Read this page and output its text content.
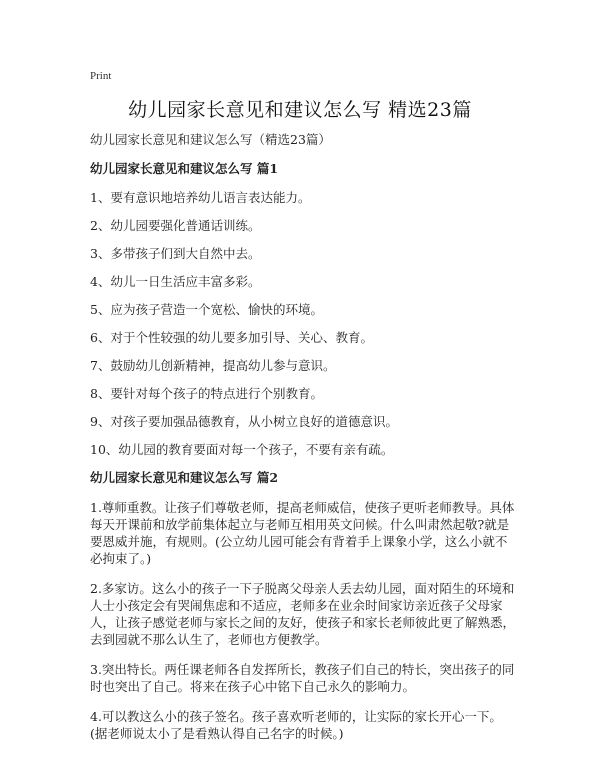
Print
幼儿园家长意见和建议怎么写 精选23篇
幼儿园家长意见和建议怎么写（精选23篇）
幼儿园家长意见和建议怎么写 篇1
1、要有意识地培养幼儿语言表达能力。
2、幼儿园要强化普通话训练。
3、多带孩子们到大自然中去。
4、幼儿一日生活应丰富多彩。
5、应为孩子营造一个宽松、愉快的环境。
6、对于个性较强的幼儿要多加引导、关心、教育。
7、鼓励幼儿创新精神，提高幼儿参与意识。
8、要针对每个孩子的特点进行个别教育。
9、对孩子要加强品德教育，从小树立良好的道德意识。
10、幼儿园的教育要面对每一个孩子，不要有亲有疏。
幼儿园家长意见和建议怎么写 篇2
1.尊师重教。让孩子们尊敬老师，提高老师威信，使孩子更听老师教导。具体每天开课前和放学前集体起立与老师互相用英文问候。什么叫肃然起敬?就是要恩威并施，有规则。(公立幼儿园可能会有背着手上课象小学，这么小就不必拘束了。)
2.多家访。这么小的孩子一下子脱离父母亲人丢去幼儿园，面对陌生的环境和人士小孩定会有哭闹焦虑和不适应，老师多在业余时间家访亲近孩子父母家人，让孩子感觉老师与家长之间的友好，使孩子和家长老师彼此更了解熟悉，去到园就不那么认生了，老师也方便教学。
3.突出特长。两任课老师各自发挥所长，教孩子们自己的特长，突出孩子的同时也突出了自己。将来在孩子心中铭下自己永久的影响力。
4.可以教这么小的孩子签名。孩子喜欢听老师的，让实际的家长开心一下。(据老师说太小了是看熟认得自己名字的时候。)
